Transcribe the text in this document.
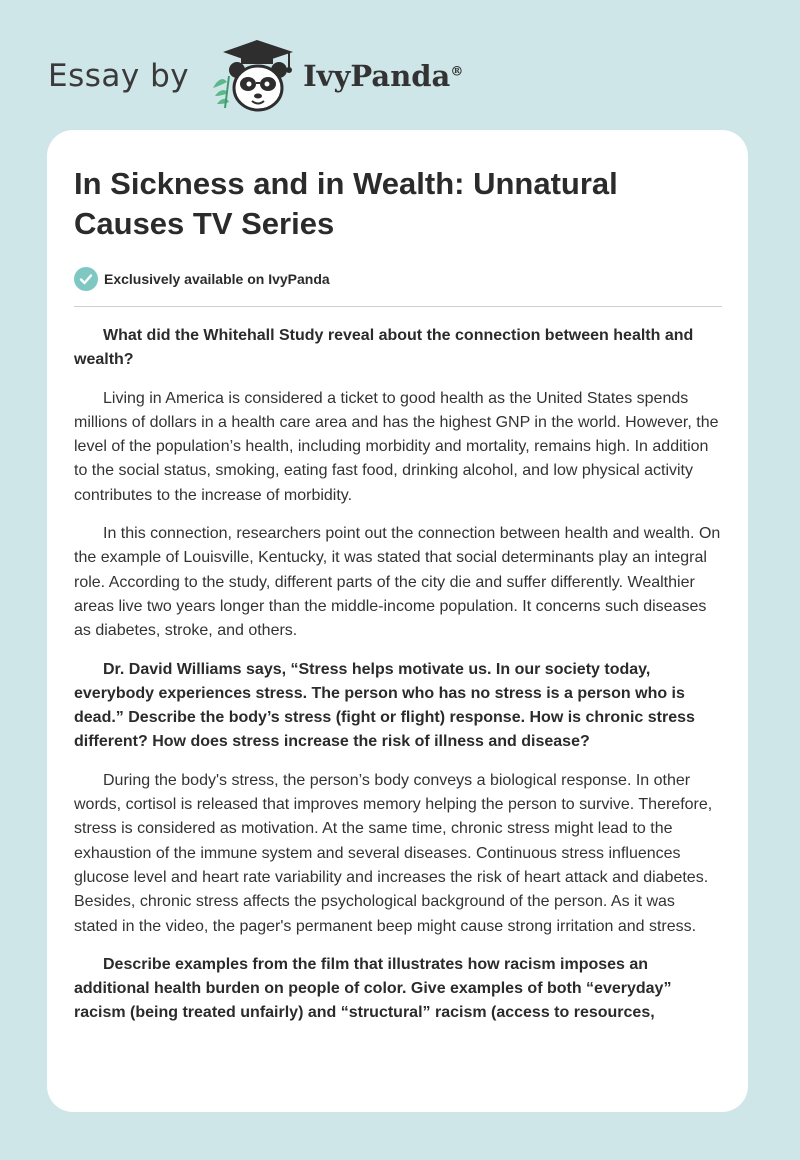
Essay by	IvyPanda®
In Sickness and in Wealth: Unnatural Causes TV Series
Exclusively available on IvyPanda

What did the Whitehall Study reveal about the connection between health and wealth?

Living in America is considered a ticket to good health as the United States spends millions of dollars in a health care area and has the highest GNP in the world. However, the level of the population’s health, including morbidity and mortality, remains high. In addition to the social status, smoking, eating fast food, drinking alcohol, and low physical activity contributes to the increase of morbidity.

In this connection, researchers point out the connection between health and wealth. On the example of Louisville, Kentucky, it was stated that social determinants play an integral role. According to the study, different parts of the city die and suffer differently. Wealthier areas live two years longer than the middle-income population. It concerns such diseases as diabetes, stroke, and others.

Dr. David Williams says, “Stress helps motivate us. In our society today, everybody experiences stress. The person who has no stress is a person who is dead.” Describe the body’s stress (fight or flight) response. How is chronic stress different? How does stress increase the risk of illness and disease?

During the body's stress, the person’s body conveys a biological response. In other words, cortisol is released that improves memory helping the person to survive. Therefore, stress is considered as motivation. At the same time, chronic stress might lead to the exhaustion of the immune system and several diseases. Continuous stress influences glucose level and heart rate variability and increases the risk of heart attack and diabetes. Besides, chronic stress affects the psychological background of the person. As it was stated in the video, the pager's permanent beep might cause strong irritation and stress.

Describe examples from the film that illustrates how racism imposes an additional health burden on people of color. Give examples of both “everyday” racism (being treated unfairly) and “structural” racism (access to resources,
